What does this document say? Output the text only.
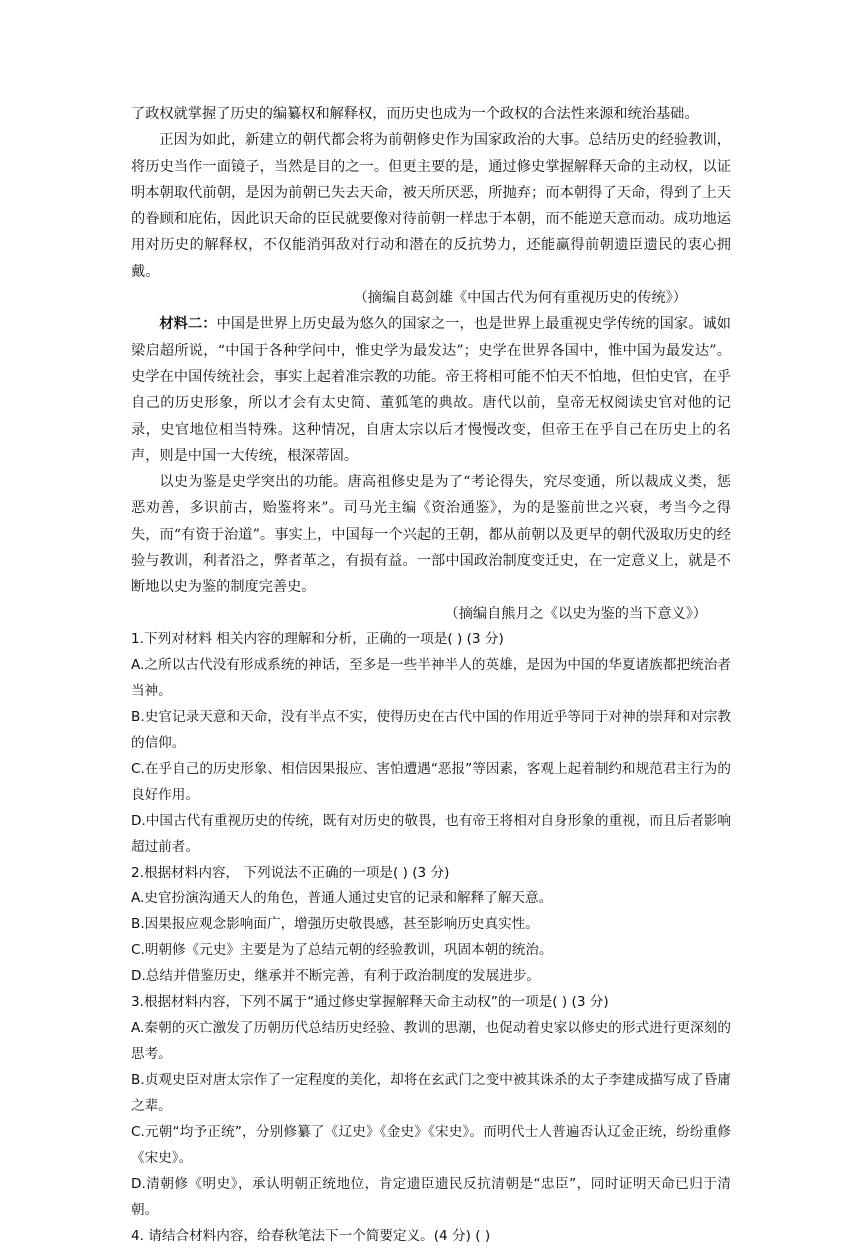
了政权就掌握了历史的编纂权和解释权，而历史也成为一个政权的合法性来源和统治基础。

正因为如此，新建立的朝代都会将为前朝修史作为国家政治的大事。总结历史的经验教训，将历史当作一面镜子，当然是目的之一。但更主要的是，通过修史掌握解释天命的主动权，以证明本朝取代前朝，是因为前朝已失去天命，被天所厌恶，所抛弃；而本朝得了天命，得到了上天的眷顾和庇佑，因此识天命的臣民就要像对待前朝一样忠于本朝，而不能逆天意而动。成功地运用对历史的解释权，不仅能消弭敌对行动和潜在的反抗势力，还能赢得前朝遗臣遗民的衷心拥戴。

（摘编自葛剑雄《中国古代为何有重视历史的传统》）

材料二：中国是世界上历史最为悠久的国家之一，也是世界上最重视史学传统的国家。诚如梁启超所说，“中国于各种学问中，惟史学为最发达”；史学在世界各国中，惟中国为最发达”。史学在中国传统社会，事实上起着准宗教的功能。帝王将相可能不怕天不怕地，但怕史官，在乎自己的历史形象，所以才会有太史简、董狐笔的典故。唐代以前，皇帝无权阅读史官对他的记录，史官地位相当特殊。这种情况，自唐太宗以后才慢慢改变，但帝王在乎自己在历史上的名声，则是中国一大传统，根深蒂固。

以史为鉴是史学突出的功能。唐高祖修史是为了“考论得失，究尽变通，所以裁成义类，惩恶劝善，多识前古，贻鉴将来”。司马光主编《资治通鉴》，为的是鉴前世之兴衰，考当今之得失，而“有资于治道”。事实上，中国每一个兴起的王朝，都从前朝以及更早的朝代汲取历史的经验与教训，利者沿之，弊者革之，有损有益。一部中国政治制度变迁史，在一定意义上，就是不断地以史为鉴的制度完善史。

（摘编自熊月之《以史为鉴的当下意义》）

1.下列对材料 相关内容的理解和分析，正确的一项是( ) (3 分)

A.之所以古代没有形成系统的神话，至多是一些半神半人的英雄，是因为中国的华夏诸族都把统治者当神。

B.史官记录天意和天命，没有半点不实，使得历史在古代中国的作用近乎等同于对神的崇拜和对宗教的信仰。

C.在乎自己的历史形象、相信因果报应、害怕遭遇“恶报”等因素，客观上起着制约和规范君主行为的良好作用。

D.中国古代有重视历史的传统，既有对历史的敬畏，也有帝王将相对自身形象的重视，而且后者影响超过前者。

2.根据材料内容， 下列说法不正确的一项是( ) (3 分)

A.史官扮演沟通天人的角色，普通人通过史官的记录和解释了解天意。

B.因果报应观念影响面广，增强历史敬畏感，甚至影响历史真实性。

C.明朝修《元史》主要是为了总结元朝的经验教训，巩固本朝的统治。

D.总结并借鉴历史，继承并不断完善，有利于政治制度的发展进步。

3.根据材料内容，下列不属于“通过修史掌握解释天命主动权”的一项是( ) (3 分)

A.秦朝的灭亡激发了历朝历代总结历史经验、教训的思潮，也促动着史家以修史的形式进行更深刻的思考。

B.贞观史臣对唐太宗作了一定程度的美化，却将在玄武门之变中被其诛杀的太子李建成描写成了昏庸之辈。

C.元朝“均予正统”，分别修纂了《辽史》《金史》《宋史》。而明代士人普遍否认辽金正统，纷纷重修《宋史》。

D.清朝修《明史》，承认明朝正统地位，肯定遗臣遗民反抗清朝是“忠臣”，同时证明天命已归于清朝。

4. 请结合材料内容，给春秋笔法下一个简要定义。(4 分) ( )
